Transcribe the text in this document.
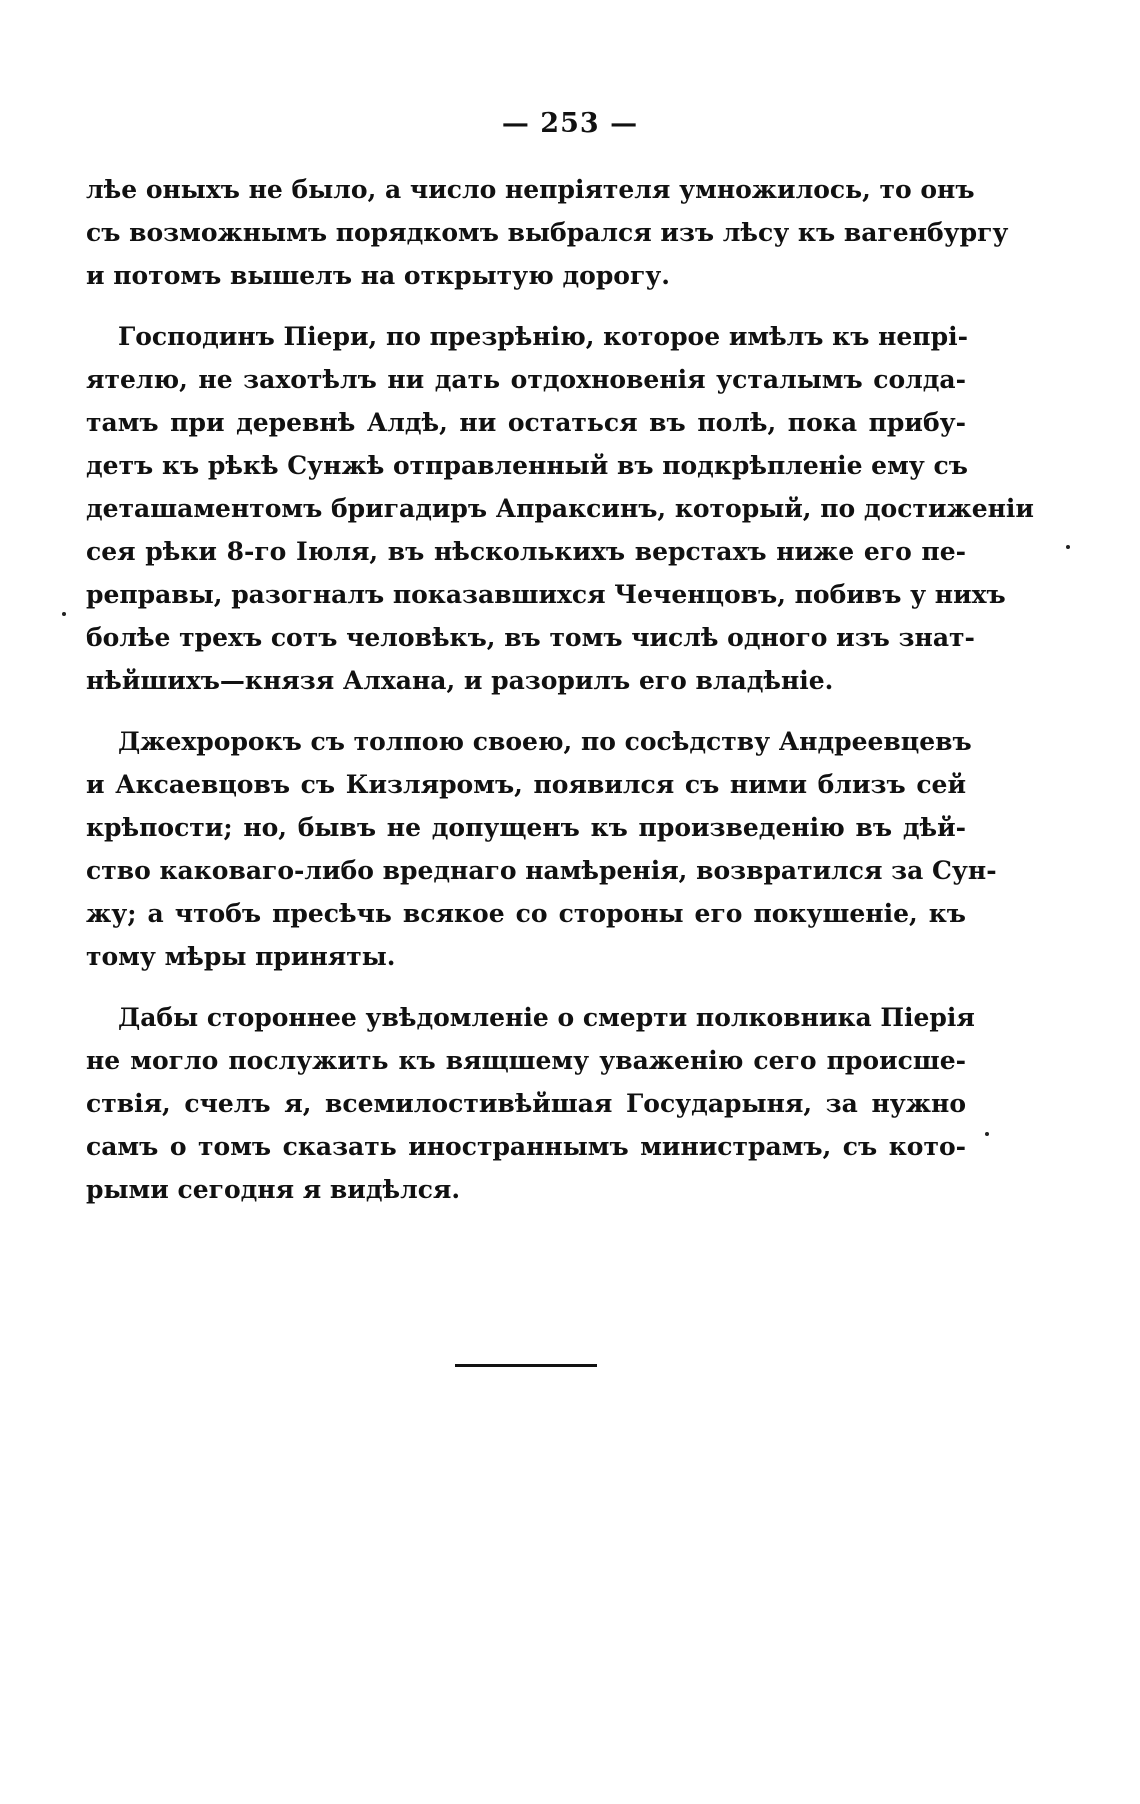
— 253 —
лѣе оныхъ не было, а число непріятеля умножилось, то онъ
съ возможнымъ порядкомъ выбрался изъ лѣсу къ вагенбургу
и потомъ вышелъ на открытую дорогу.
Господинъ Піери, по презрѣнію, которое имѣлъ къ непрі-
ятелю, не захотѣлъ ни дать отдохновенія усталымъ солда-
тамъ при деревнѣ Алдѣ, ни остаться въ полѣ, пока прибу-
детъ къ рѣкѣ Сунжѣ отправленный въ подкрѣпленіе ему съ
деташаментомъ бригадиръ Апраксинъ, который, по достиженіи
сея рѣки 8-го Іюля, въ нѣсколькихъ верстахъ ниже его пе-
реправы, разогналъ показавшихся Чеченцовъ, побивъ у нихъ
болѣе трехъ сотъ человѣкъ, въ томъ числѣ одного изъ знат-
нѣйшихъ—князя Алхана, и разорилъ его владѣніе.
Джехророкъ съ толпою своею, по сосѣдству Андреевцевъ
и Аксаевцовъ съ Кизляромъ, появился съ ними близъ сей
крѣпости; но, бывъ не допущенъ къ произведенію въ дѣй-
ство каковаго-либо вреднаго намѣренія, возвратился за Сун-
жу; а чтобъ пресѣчь всякое со стороны его покушеніе, къ
тому мѣры приняты.
Дабы стороннее увѣдомленіе о смерти полковника Піерія
не могло послужить къ вящшему уваженію сего происше-
ствія, счелъ я, всемилостивѣйшая Государыня, за нужно
самъ о томъ сказать иностраннымъ министрамъ, съ кото-
рыми сегодня я видѣлся.
